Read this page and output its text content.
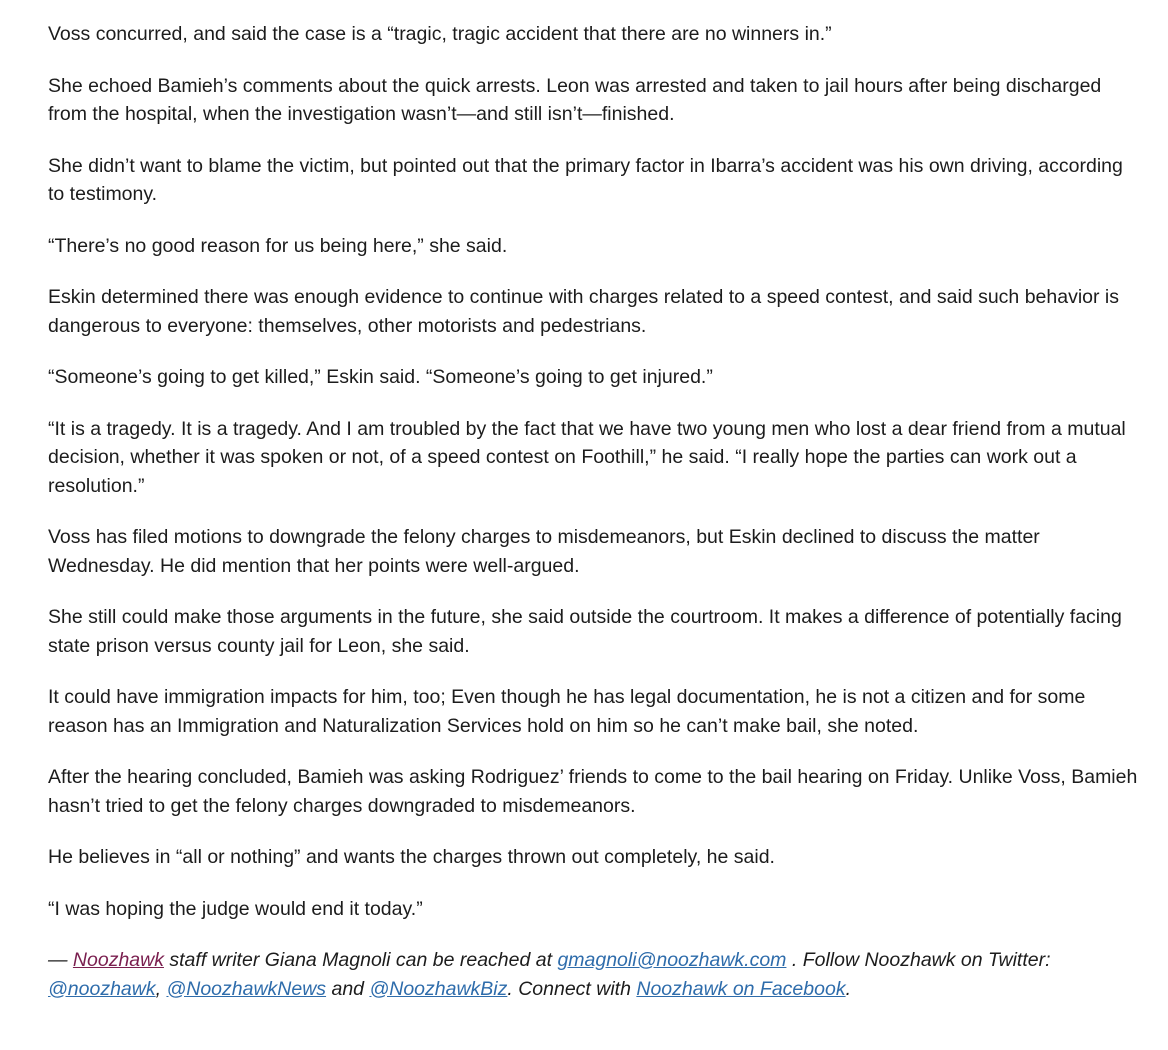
Voss concurred, and said the case is a “tragic, tragic accident that there are no winners in.”

She echoed Bamieh’s comments about the quick arrests. Leon was arrested and taken to jail hours after being discharged from the hospital, when the investigation wasn’t—and still isn’t—finished.

She didn’t want to blame the victim, but pointed out that the primary factor in Ibarra’s accident was his own driving, according to testimony.

“There’s no good reason for us being here,” she said.

Eskin determined there was enough evidence to continue with charges related to a speed contest, and said such behavior is dangerous to everyone: themselves, other motorists and pedestrians.

“Someone’s going to get killed,” Eskin said. “Someone’s going to get injured.”

“It is a tragedy. It is a tragedy. And I am troubled by the fact that we have two young men who lost a dear friend from a mutual decision, whether it was spoken or not, of a speed contest on Foothill,” he said. “I really hope the parties can work out a resolution.”

Voss has filed motions to downgrade the felony charges to misdemeanors, but Eskin declined to discuss the matter Wednesday. He did mention that her points were well-argued.

She still could make those arguments in the future, she said outside the courtroom. It makes a difference of potentially facing state prison versus county jail for Leon, she said.

It could have immigration impacts for him, too; Even though he has legal documentation, he is not a citizen and for some reason has an Immigration and Naturalization Services hold on him so he can’t make bail, she noted.

After the hearing concluded, Bamieh was asking Rodriguez’ friends to come to the bail hearing on Friday. Unlike Voss, Bamieh hasn’t tried to get the felony charges downgraded to misdemeanors.

He believes in “all or nothing” and wants the charges thrown out completely, he said.

“I was hoping the judge would end it today.”

— Noozhawk staff writer Giana Magnoli can be reached at gmagnoli@noozhawk.com . Follow Noozhawk on Twitter: @noozhawk, @NoozhawkNews and @NoozhawkBiz. Connect with Noozhawk on Facebook.
